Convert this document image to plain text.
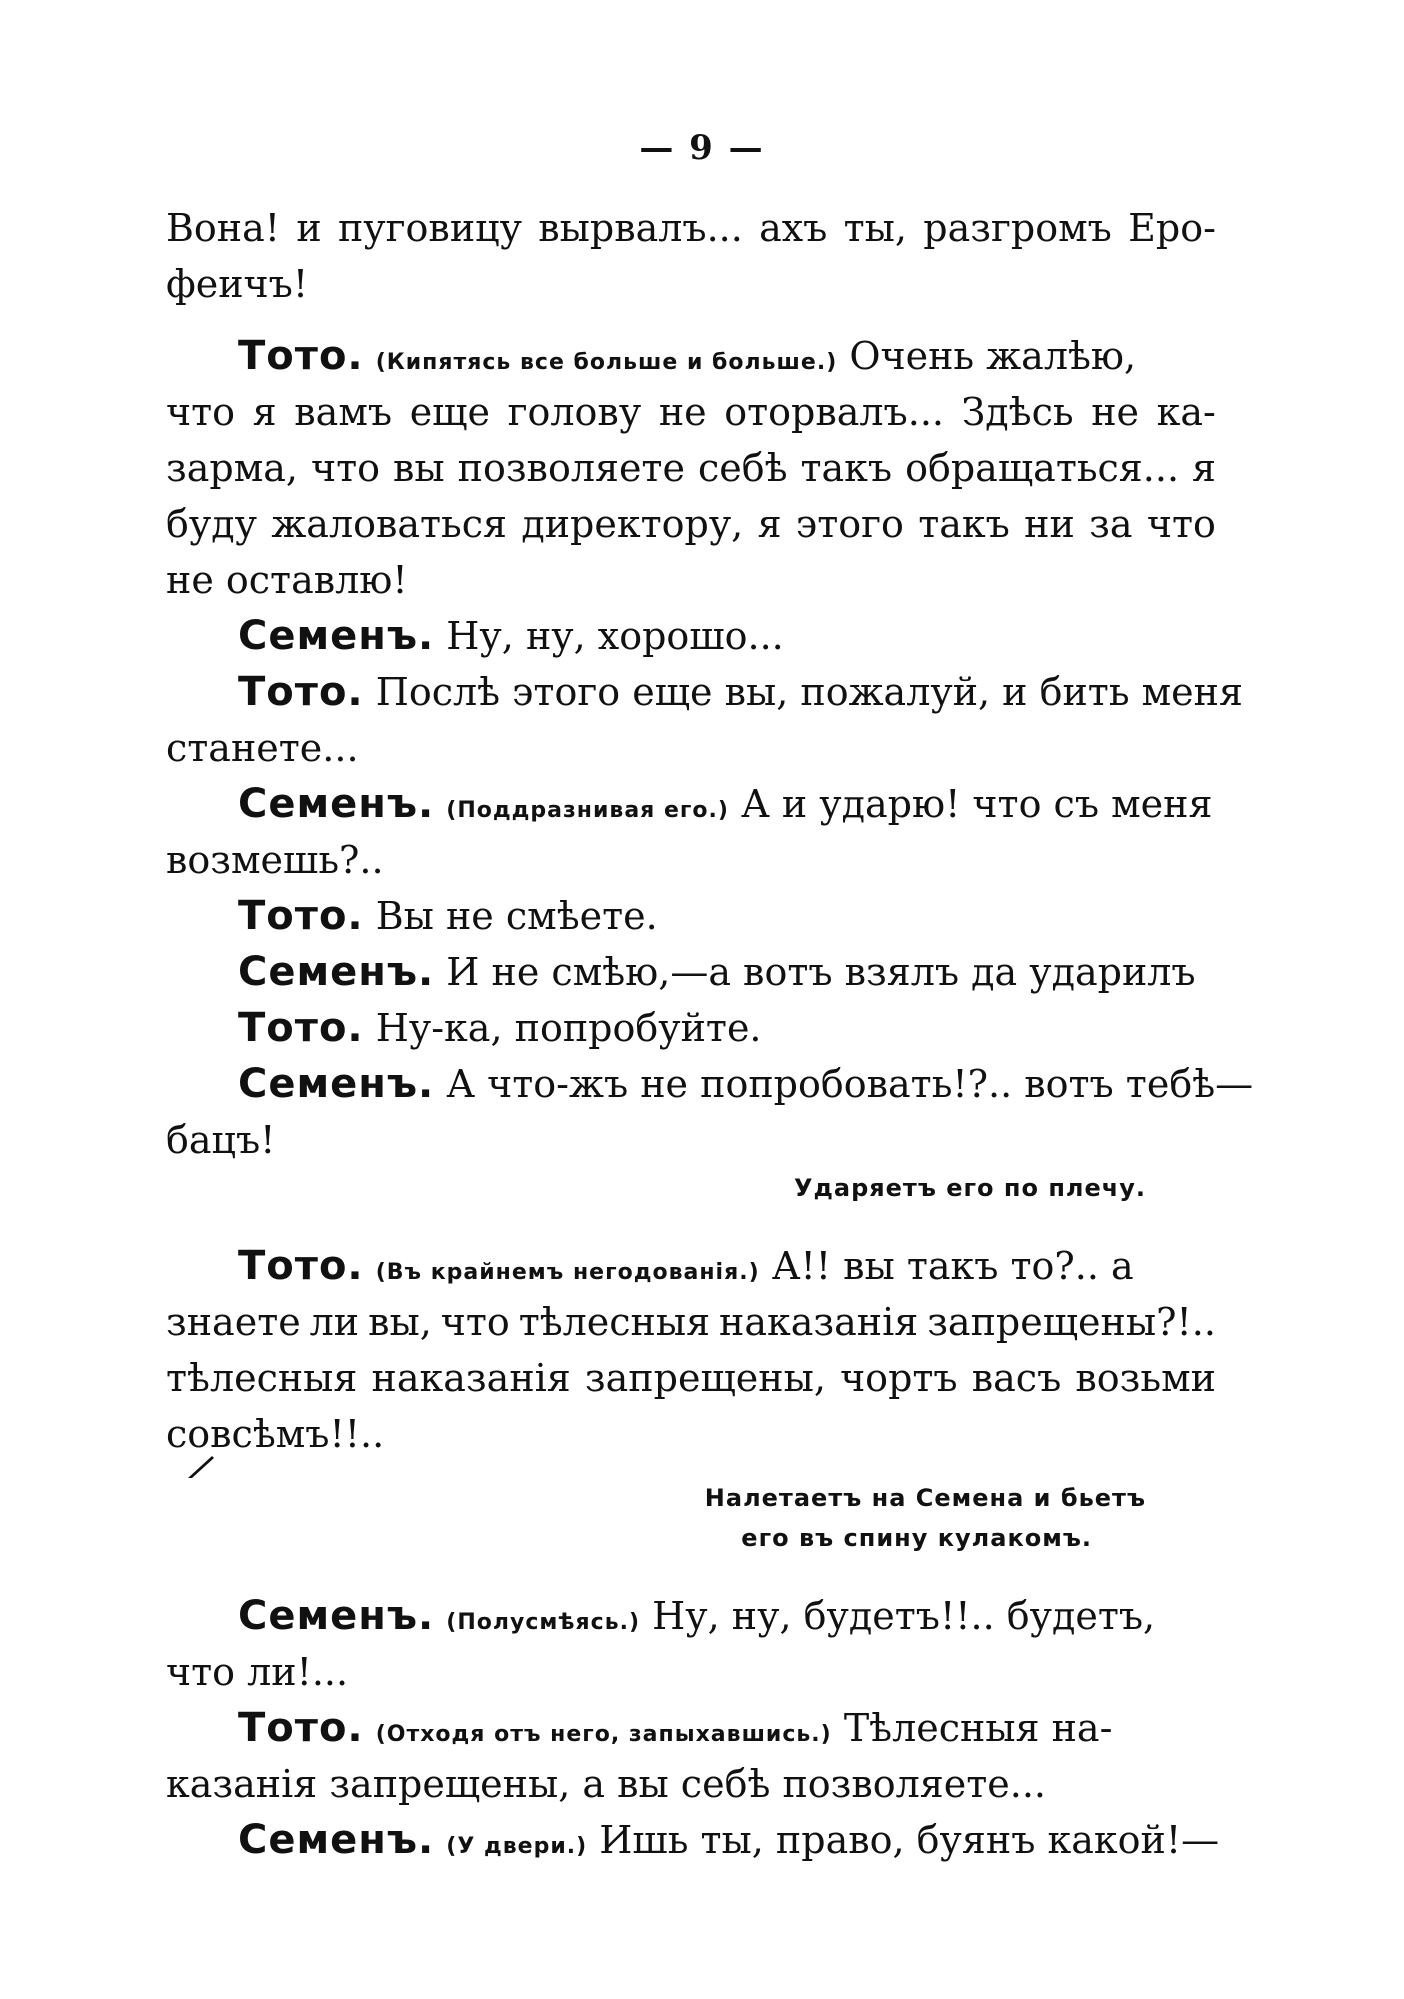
— 9 —
Вона! и пуговицу вырвалъ... ахъ ты, разгромъ Еро-
феичъ!
Тото. (Кипятясь все больше и больше.) Очень жалѣю,
что я вамъ еще голову не оторвалъ... Здѣсь не ка-
зарма, что вы позволяете себѣ такъ обращаться... я
буду жаловаться директору, я этого такъ ни за что
не оставлю!
Семенъ. Ну, ну, хорошо...
Тото. Послѣ этого еще вы, пожалуй, и бить меня
станете...
Семенъ. (Поддразнивая его.) А и ударю! что съ меня
возмешь?..
Тото. Вы не смѣете.
Семенъ. И не смѣю,—а вотъ взялъ да ударилъ
Тото. Ну-ка, попробуйте.
Семенъ. А что-жъ не попробовать!?.. вотъ тебѣ—
бацъ!
Ударяетъ его по плечу.
Тото. (Въ крайнемъ негодованія.) А!! вы такъ то?.. а
знаете ли вы, что тѣлесныя наказанія запрещены?!..
тѣлесныя наказанія запрещены, чортъ васъ возьми
совсѣмъ!!..
Налетаетъ на Семена и бьетъ
его въ спину кулакомъ.
Семенъ. (Полусмѣясь.) Ну, ну, будетъ!!.. будетъ,
что ли!...
Тото. (Отходя отъ него, запыхавшись.) Тѣлесныя на-
казанія запрещены, а вы себѣ позволяете...
Семенъ. (У двери.) Ишь ты, право, буянъ какой!—
